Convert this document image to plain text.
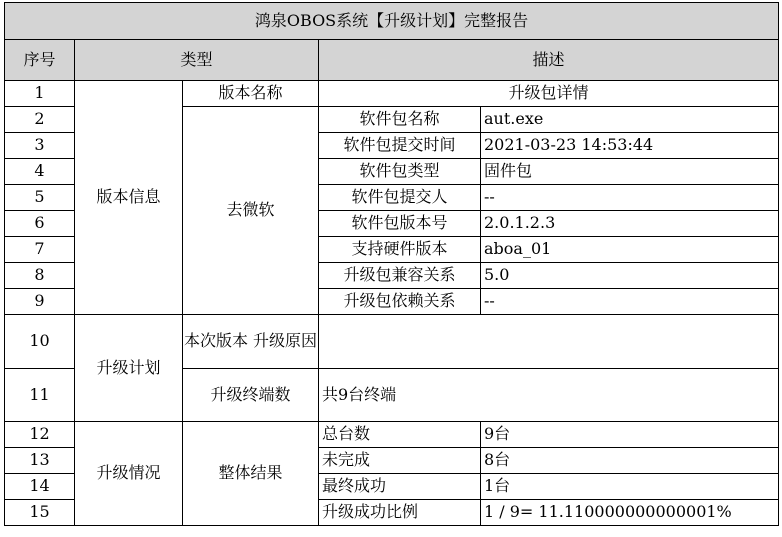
鸿泉OBOS系统【升级计划】完整报告				
序号	类型		描述	
1	版本信息	版本名称	升级包详情	
2		去微软	软件包名称	aut.exe
3			软件包提交时间	2021-03-23 14:53:44
4			软件包类型	固件包
5			软件包提交人	--
6			软件包版本号	2.0.1.2.3
7			支持硬件版本	aboa_01
8			升级包兼容关系	5.0
9			升级包依赖关系	--
10	升级计划	本次版本 升级原因		
11		升级终端数	共9台终端	
12	升级情况	整体结果	总台数	9台
13			未完成	8台
14			最终成功	1台
15			升级成功比例	1 / 9= 11.110000000000001%
